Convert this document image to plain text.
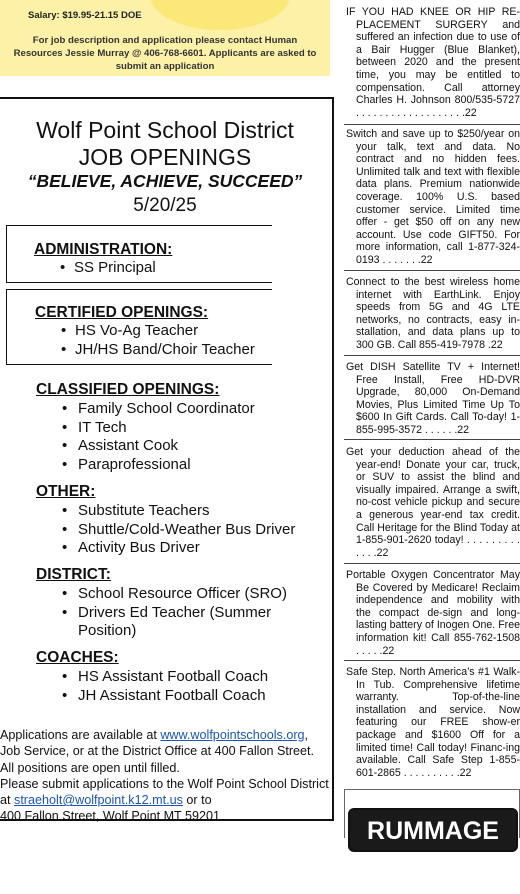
Salary: $19.95-21.15 DOE
For job description and application please contact Human Resources Jessie Murray @ 406-768-6601. Applicants are asked to submit an application
Wolf Point School District
JOB OPENINGS
“BELIEVE, ACHIEVE, SUCCEED”
5/20/25
ADMINISTRATION:
• SS Principal
CERTIFIED OPENINGS:
• HS Vo-Ag Teacher
• JH/HS Band/Choir Teacher
CLASSIFIED OPENINGS:
• Family School Coordinator
• IT Tech
• Assistant Cook
• Paraprofessional
OTHER:
• Substitute Teachers
• Shuttle/Cold-Weather Bus Driver
• Activity Bus Driver
DISTRICT:
• School Resource Officer (SRO)
• Drivers Ed Teacher (Summer Position)
COACHES:
• HS Assistant Football Coach
• JH Assistant Football Coach
Applications are available at www.wolfpointschools.org,
Job Service, or at the District Office at 400 Fallon Street.
All positions are open until filled.
Please submit applications to the Wolf Point School District
at straeholt@wolfpoint.k12.mt.us or to
400 Fallon Street, Wolf Point MT 59201

IF YOU HAD KNEE OR HIP RE-PLACEMENT SURGERY and suffered an infection due to use of a Bair Hugger (Blue Blanket), between 2020 and the present time, you may be entitled to compensation. Call attorney Charles H. Johnson 800/535-5727 . . . . . . . . . . . . . . . . . . .22

Switch and save up to $250/year on your talk, text and data. No contract and no hidden fees. Unlimited talk and text with flexible data plans. Premium nationwide coverage. 100% U.S. based customer service. Limited time offer - get $50 off on any new account. Use code GIFT50. For more information, call 1-877-324-0193 . . . . . . .22

Connect to the best wireless home internet with EarthLink. Enjoy speeds from 5G and 4G LTE networks, no contracts, easy in-stallation, and data plans up to 300 GB. Call 855-419-7978 .22

Get DISH Satellite TV + Internet! Free Install, Free HD-DVR Upgrade, 80,000 On-Demand Movies, Plus Limited Time Up To $600 In Gift Cards. Call To-day! 1-855-995-3572 . . . . . .22

Get your deduction ahead of the year-end! Donate your car, truck, or SUV to assist the blind and visually impaired. Arrange a swift, no-cost vehicle pickup and secure a generous year-end tax credit. Call Heritage for the Blind Today at 1-855-901-2620 today! . . . . . . . . . . . . .22

Portable Oxygen Concentrator May Be Covered by Medicare! Reclaim independence and mobility with the compact de-sign and long-lasting battery of Inogen One. Free information kit! Call 855-762-1508 . . . . .22

Safe Step. North America’s #1 Walk-In Tub. Comprehensive lifetime warranty. Top-of-the-line installation and service. Now featuring our FREE show-er package and $1600 Off for a limited time! Call today! Financ-ing available. Call Safe Step 1-855-601-2865 . . . . . . . . . .22

RUMMAGE SALE
